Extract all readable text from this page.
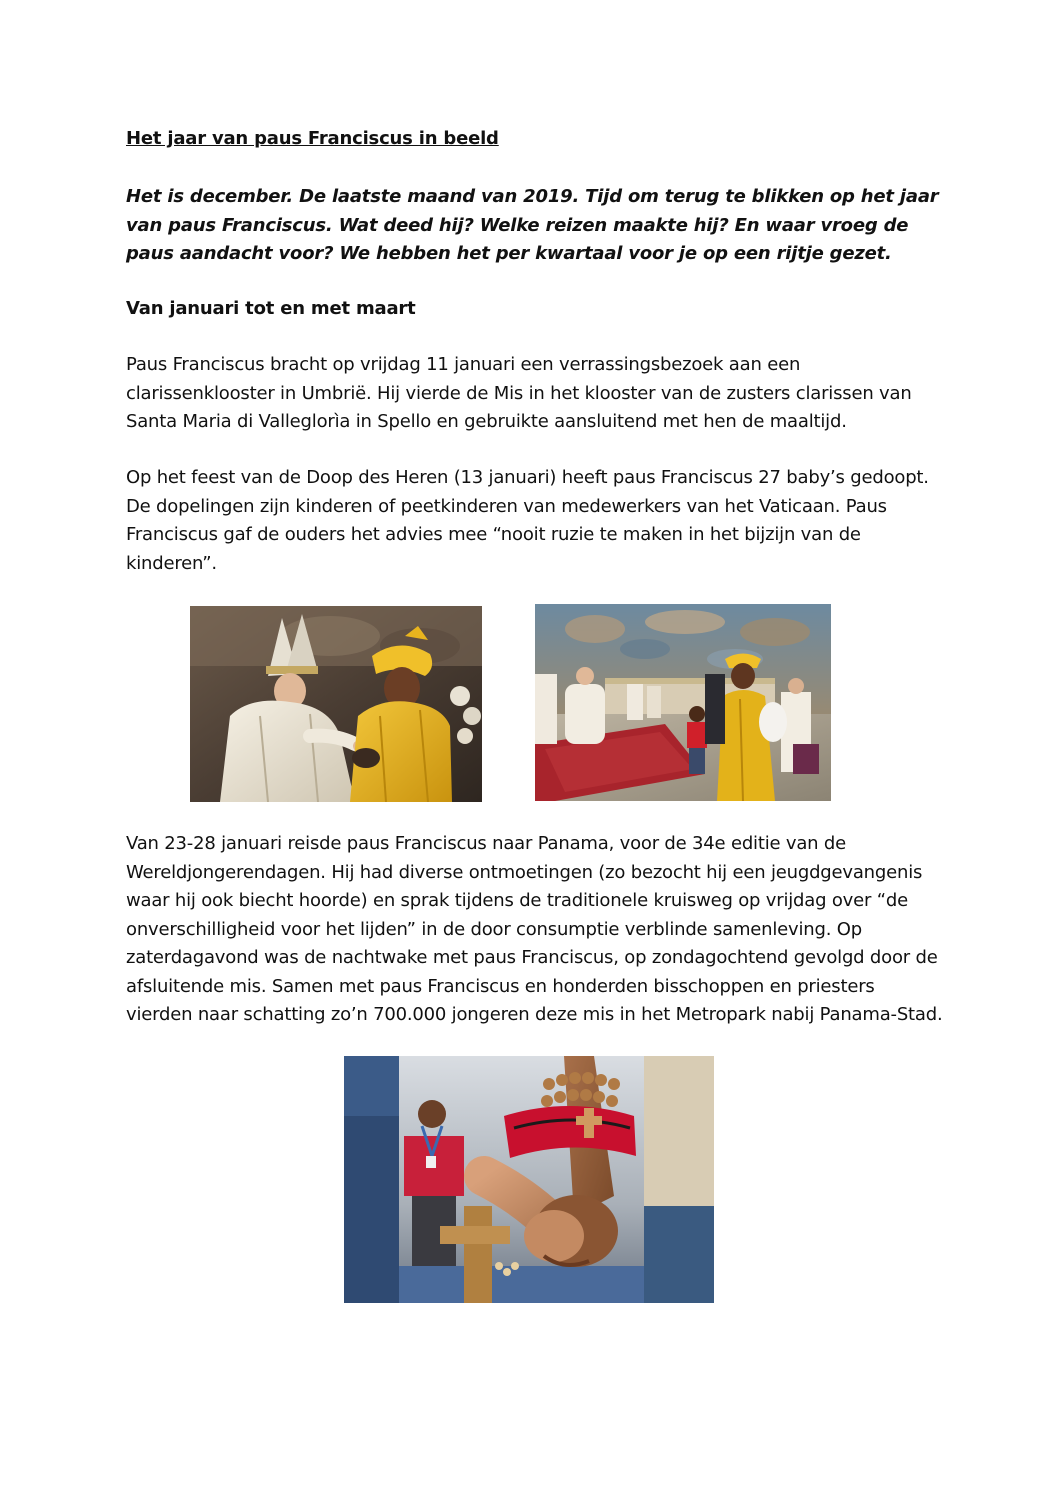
Het jaar van paus Franciscus in beeld
Het is december. De laatste maand van 2019. Tijd om terug te blikken op het jaar van paus Franciscus. Wat deed hij? Welke reizen maakte hij? En waar vroeg de paus aandacht voor? We hebben het per kwartaal voor je op een rijtje gezet.
Van januari tot en met maart
Paus Franciscus bracht op vrijdag 11 januari een verrassingsbezoek aan een clarissenklooster in Umbrië. Hij vierde de Mis in het klooster van de zusters clarissen van Santa Maria di Valleglorìa in Spello en gebruikte aansluitend met hen de maaltijd.
Op het feest van de Doop des Heren (13 januari) heeft paus Franciscus 27 baby’s gedoopt. De dopelingen zijn kinderen of peetkinderen van medewerkers van het Vaticaan. Paus Franciscus gaf de ouders het advies mee “nooit ruzie te maken in het bijzijn van de kinderen”.
Van 23-28 januari reisde paus Franciscus naar Panama, voor de 34e editie van de Wereldjongerendagen. Hij had diverse ontmoetingen (zo bezocht hij een jeugdgevangenis waar hij ook biecht hoorde) en sprak tijdens de traditionele kruisweg op vrijdag over “de onverschilligheid voor het lijden” in de door consumptie verblinde samenleving. Op zaterdagavond was de nachtwake met paus Franciscus, op zondagochtend gevolgd door de afsluitende mis. Samen met paus Franciscus en honderden bisschoppen en priesters vierden naar schatting zo’n 700.000 jongeren deze mis in het Metropark nabij Panama-Stad.
